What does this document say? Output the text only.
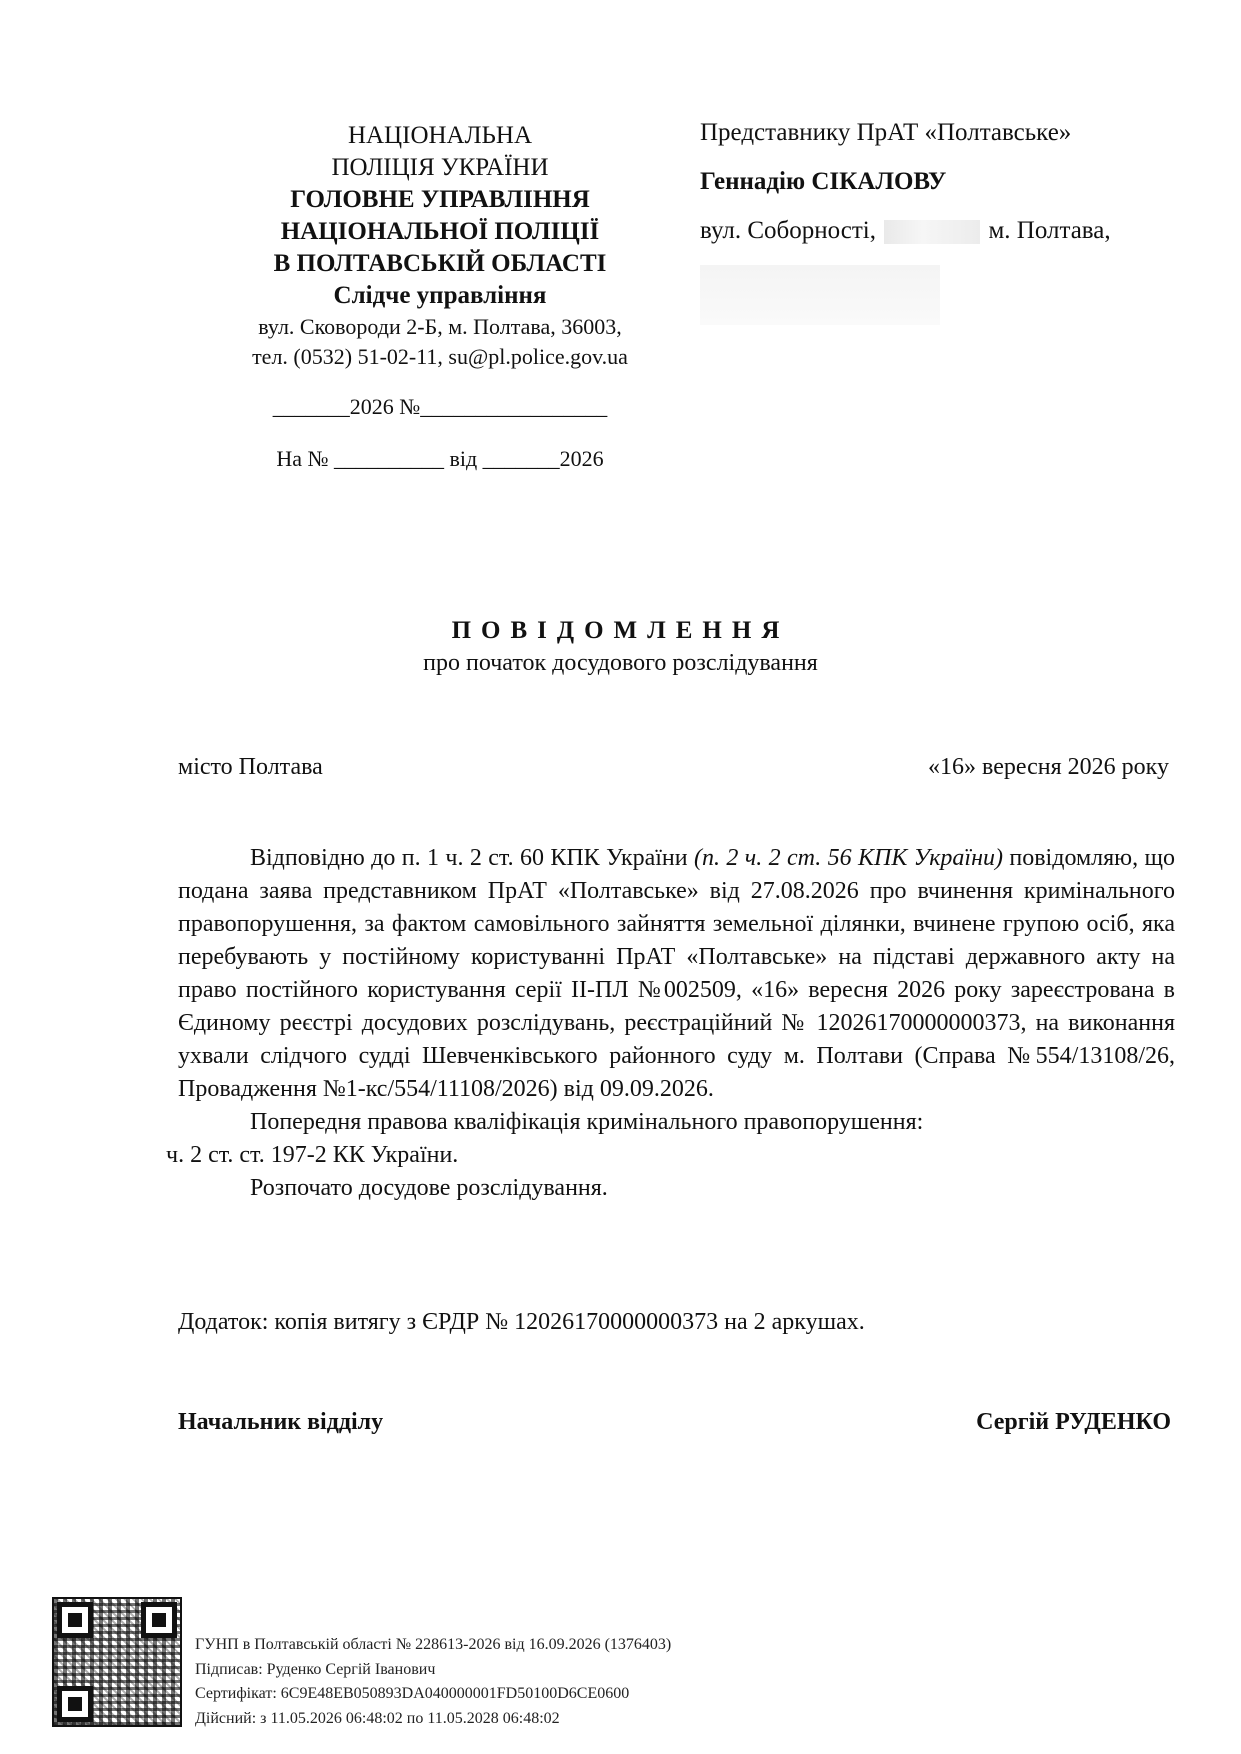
НАЦІОНАЛЬНА
ПОЛІЦІЯ УКРАЇНИ
ГОЛОВНЕ УПРАВЛІННЯ
НАЦІОНАЛЬНОЇ ПОЛІЦІЇ
В ПОЛТАВСЬКІЙ ОБЛАСТІ
Слідче управління
вул. Сковороди 2-Б, м. Полтава, 36003,
тел. (0532) 51-02-11, su@pl.police.gov.ua
_______2026 №_________________
На № __________ від _______2026
Представнику ПрАТ «Полтавське»
Геннадію СІКАЛОВУ
вул. Соборності,	м. Полтава,
ПОВІДОМЛЕННЯ
про початок досудового розслідування
місто Полтава	«16» вересня 2026 року

Відповідно до п. 1 ч. 2 ст. 60 КПК України (п. 2 ч. 2 ст. 56 КПК України) повідомляю, що подана заява представником ПрАТ «Полтавське» від 27.08.2026 про вчинення кримінального правопорушення, за фактом самовільного зайняття земельної ділянки, вчинене групою осіб, яка перебувають у постійному користуванні ПрАТ «Полтавське» на підставі державного акту на право постійного користування серії ІІ-ПЛ №002509, «16» вересня 2026 року зареєстрована в Єдиному реєстрі досудових розслідувань, реєстраційний № 12026170000000373, на виконання ухвали слідчого судді Шевченківського районного суду м. Полтави (Справа №554/13108/26, Провадження №1-кс/554/11108/2026) від 09.09.2026.

Попередня правова кваліфікація кримінального правопорушення:

ч. 2 ст. ст. 197-2 КК України.

Розпочато досудове розслідування.

Додаток: копія витягу з ЄРДР № 12026170000000373 на 2 аркушах.
Начальник відділу	Сергій РУДЕНКО
ГУНП в Полтавській області № 228613-2026 від 16.09.2026 (1376403)
Підписав: Руденко Сергій Іванович
Сертифікат: 6C9E48EB050893DA040000001FD50100D6CE0600
Дійсний: з 11.05.2026 06:48:02 по 11.05.2028 06:48:02
